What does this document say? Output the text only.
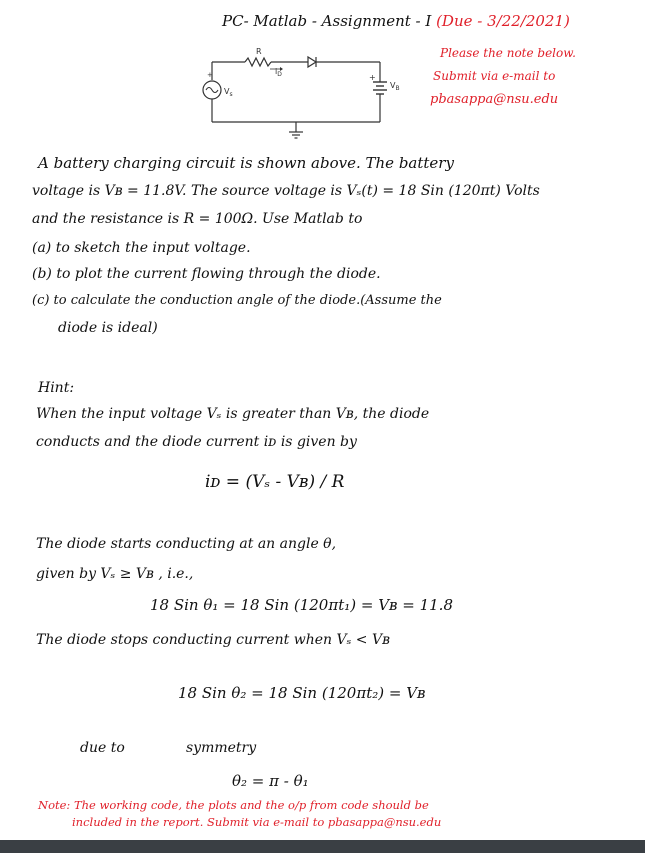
PC- Matlab - Assignment - I (Due - 3/22/2021)
Please the note below.
Submit via e-mail to
pbasappa@nsu.edu
+
+
R
$i_D$
$V_s$
$V_B$
A battery charging circuit is shown above. The battery
voltage is Vʙ = 11.8V. The source voltage is Vₛ(t) = 18 Sin (120πt) Volts
and the resistance is R = 100Ω. Use Matlab to
(a) to sketch the input voltage.
(b) to plot the current flowing through the diode.
(c) to calculate the conduction angle of the diode.(Assume the
diode is ideal)
Hint:
When the input voltage Vₛ is greater than Vʙ, the diode
conducts and the diode current iᴅ is given by
iᴅ = (Vₛ - Vʙ) / R
The diode starts conducting at an angle θ,
given by Vₛ ≥ Vʙ , i.e.,
18 Sin θ₁ = 18 Sin (120πt₁) = Vʙ = 11.8
The diode stops conducting current when Vₛ < Vʙ
18 Sin θ₂ = 18 Sin (120πt₂) = Vʙ
due to	symmetry
θ₂ = π - θ₁
Note: The working code, the plots and the o/p from code should be
included in the report. Submit via e-mail to pbasappa@nsu.edu
